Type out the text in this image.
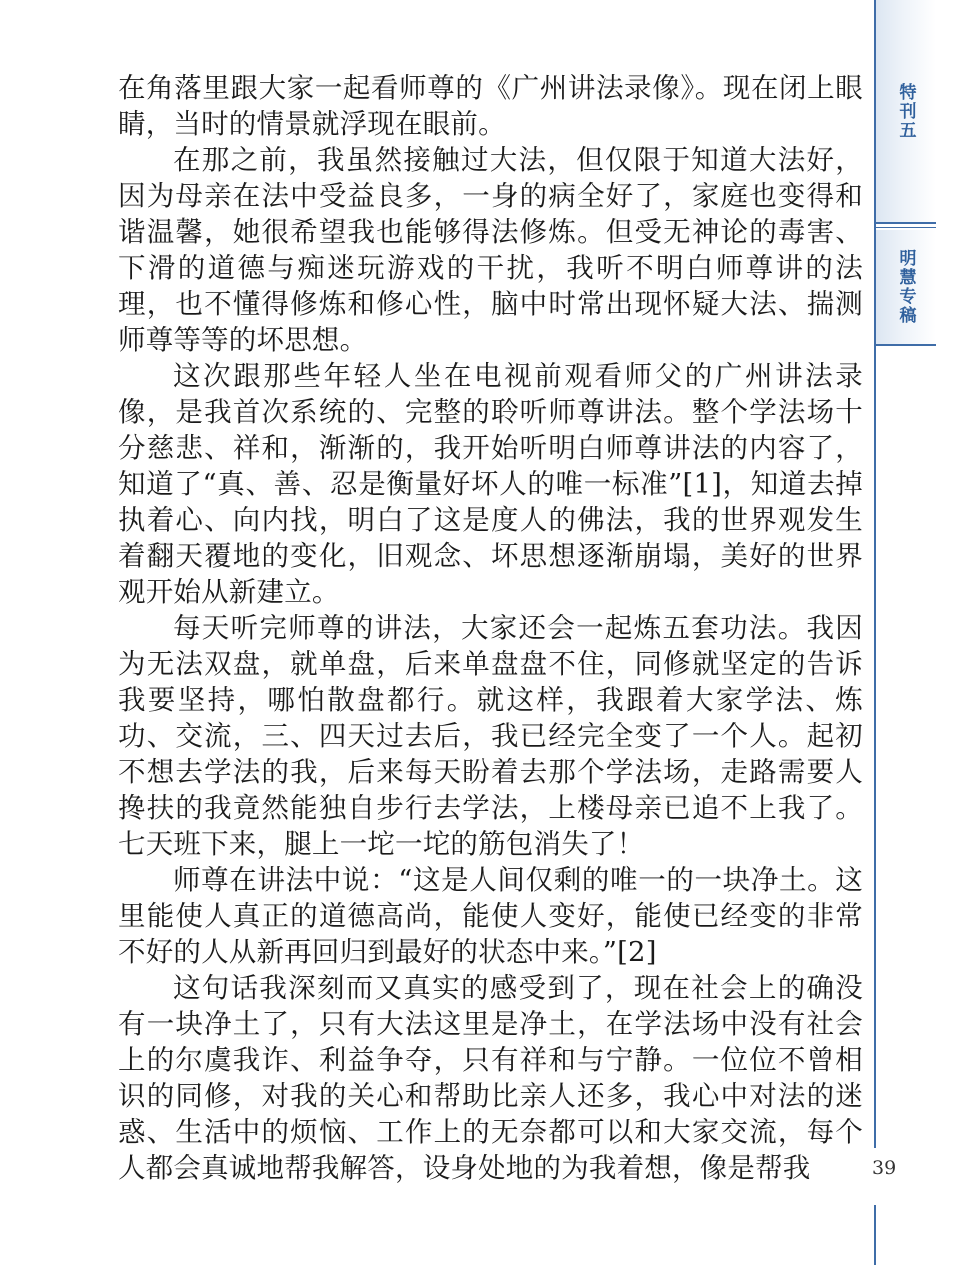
特刊五
明慧专稿

在角落里跟大家一起看师尊的《广州讲法录像》。现在闭上眼睛，当时的情景就浮现在眼前。

在那之前，我虽然接触过大法，但仅限于知道大法好，因为母亲在法中受益良多，一身的病全好了，家庭也变得和谐温馨，她很希望我也能够得法修炼。但受无神论的毒害、下滑的道德与痴迷玩游戏的干扰，我听不明白师尊讲的法理，也不懂得修炼和修心性，脑中时常出现怀疑大法、揣测师尊等等的坏思想。

这次跟那些年轻人坐在电视前观看师父的广州讲法录像，是我首次系统的、完整的聆听师尊讲法。整个学法场十分慈悲、祥和，渐渐的，我开始听明白师尊讲法的内容了，知道了“真、善、忍是衡量好坏人的唯一标准”[1]，知道去掉执着心、向内找，明白了这是度人的佛法，我的世界观发生着翻天覆地的变化，旧观念、坏思想逐渐崩塌，美好的世界观开始从新建立。

每天听完师尊的讲法，大家还会一起炼五套功法。我因为无法双盘，就单盘，后来单盘盘不住，同修就坚定的告诉我要坚持，哪怕散盘都行。就这样，我跟着大家学法、炼功、交流，三、四天过去后，我已经完全变了一个人。起初不想去学法的我，后来每天盼着去那个学法场，走路需要人搀扶的我竟然能独自步行去学法，上楼母亲已追不上我了。七天班下来，腿上一坨一坨的筋包消失了！

师尊在讲法中说：“这是人间仅剩的唯一的一块净土。这里能使人真正的道德高尚，能使人变好，能使已经变的非常不好的人从新再回归到最好的状态中来。”[2]

这句话我深刻而又真实的感受到了，现在社会上的确没有一块净土了，只有大法这里是净土，在学法场中没有社会上的尔虞我诈、利益争夺，只有祥和与宁静。一位位不曾相识的同修，对我的关心和帮助比亲人还多，我心中对法的迷惑、生活中的烦恼、工作上的无奈都可以和大家交流，每个人都会真诚地帮我解答，设身处地的为我着想，像是帮我	39
